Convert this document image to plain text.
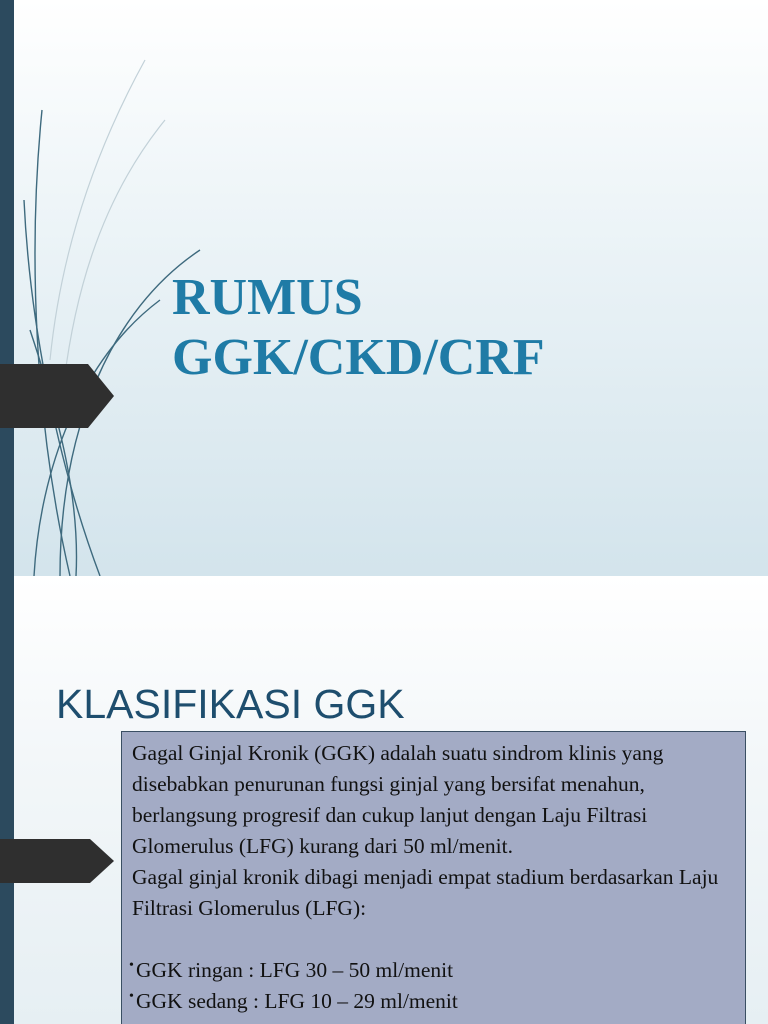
RUMUS
GGK/CKD/CRF
KLASIFIKASI GGK

Gagal Ginjal Kronik (GGK) adalah suatu sindrom klinis yang disebabkan penurunan fungsi ginjal yang bersifat menahun, berlangsung progresif dan cukup lanjut dengan Laju Filtrasi Glomerulus (LFG) kurang dari 50 ml/menit.

Gagal ginjal kronik dibagi menjadi empat stadium berdasarkan Laju Filtrasi Glomerulus (LFG):

• GGK ringan : LFG 30 – 50 ml/menit
• GGK sedang : LFG 10 – 29 ml/menit
